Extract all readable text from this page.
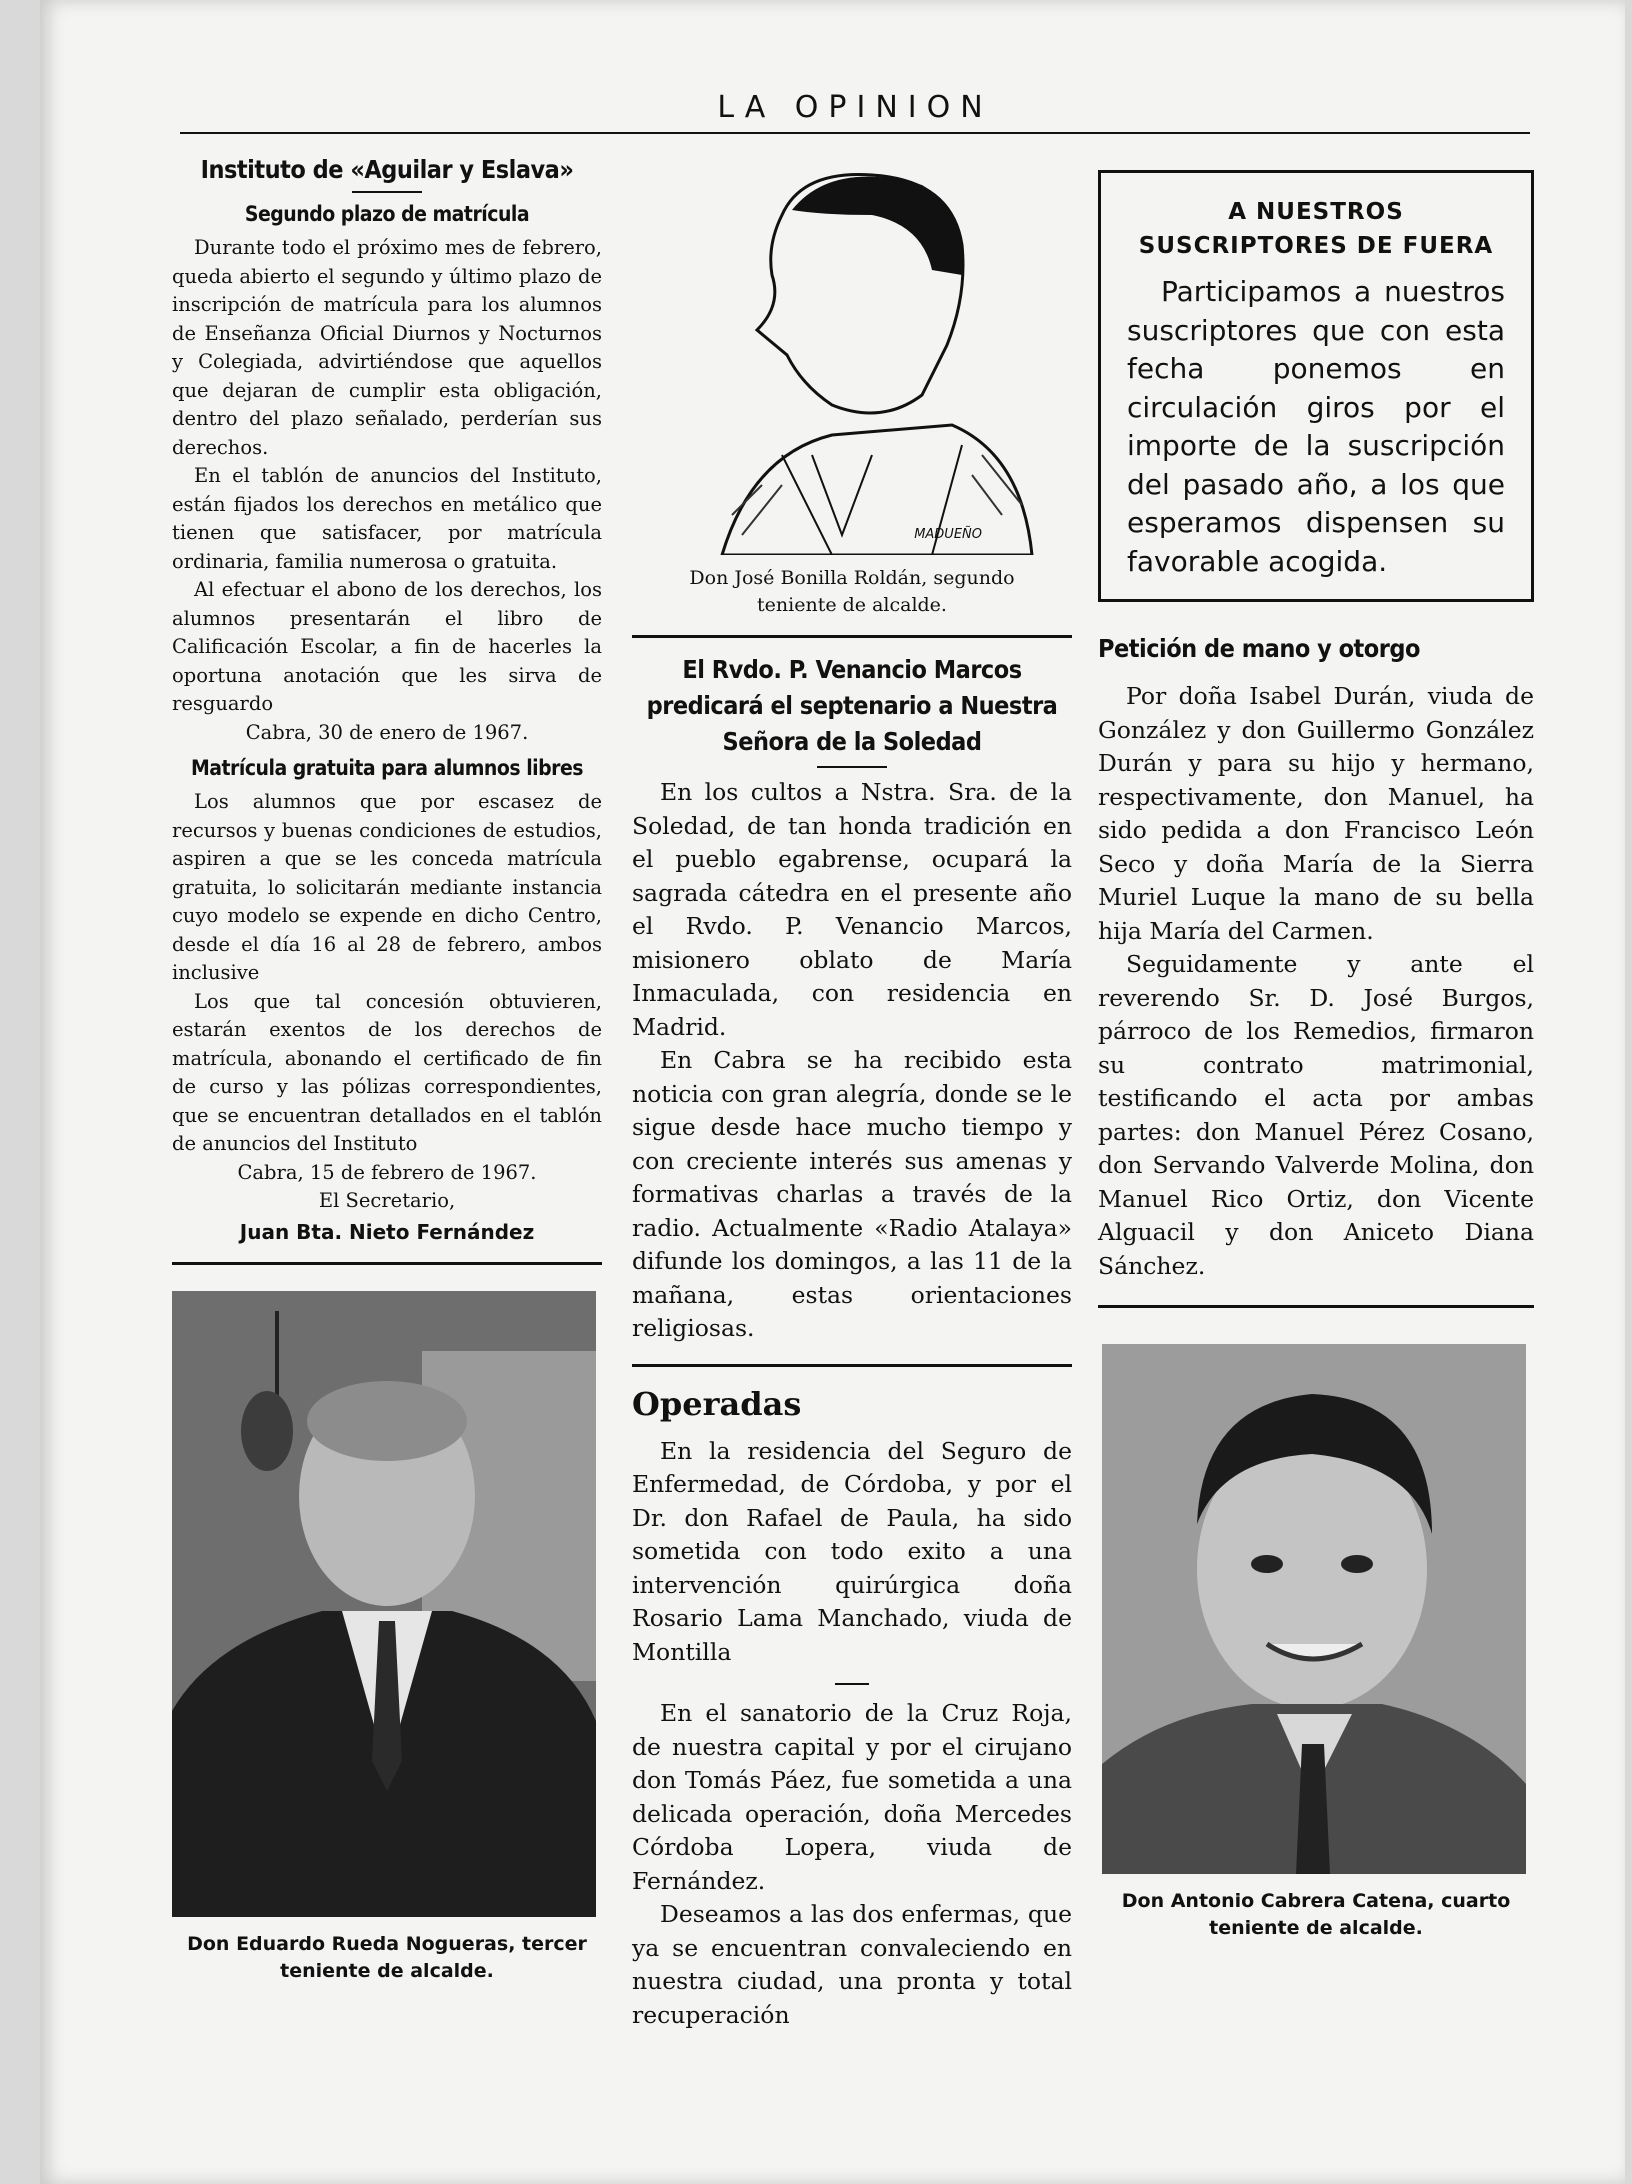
LA OPINION
Instituto de «Aguilar y Eslava»
Segundo plazo de matrícula

Durante todo el próximo mes de febrero, queda abierto el segundo y último plazo de inscripción de matrícula para los alumnos de Enseñanza Oficial Diurnos y Nocturnos y Colegiada, advirtiéndose que aquellos que dejaran de cumplir esta obligación, dentro del plazo señalado, perderían sus derechos.

En el tablón de anuncios del Instituto, están fijados los derechos en metálico que tienen que satisfacer, por matrícula ordinaria, familia numerosa o gratuita.

Al efectuar el abono de los derechos, los alumnos presentarán el libro de Calificación Escolar, a fin de hacerles la oportuna anotación que les sirva de resguardo

Cabra, 30 de enero de 1967.

Matrícula gratuita para alumnos libres

Los alumnos que por escasez de recursos y buenas condiciones de estudios, aspiren a que se les conceda matrícula gratuita, lo solicitarán mediante instancia cuyo modelo se expende en dicho Centro, desde el día 16 al 28 de febrero, ambos inclusive

Los que tal concesión obtuvieren, estarán exentos de los derechos de matrícula, abonando el certificado de fin de curso y las pólizas correspondientes, que se encuentran detallados en el tablón de anuncios del Instituto

Cabra, 15 de febrero de 1967.

El Secretario,

Juan Bta. Nieto Fernández
Don Eduardo Rueda Nogueras, tercer teniente de alcalde.
MADUEÑO
Don José Bonilla Roldán, segundo teniente de alcalde.
El Rvdo. P. Venancio Marcos predicará el septenario a Nuestra Señora de la Soledad

En los cultos a Nstra. Sra. de la Soledad, de tan honda tradición en el pueblo egabrense, ocupará la sagrada cátedra en el presente año el Rvdo. P. Venancio Marcos, misionero oblato de María Inmaculada, con residencia en Madrid.

En Cabra se ha recibido esta noticia con gran alegría, donde se le sigue desde hace mucho tiempo y con creciente interés sus amenas y formativas charlas a través de la radio. Actualmente «Radio Atalaya» difunde los domingos, a las 11 de la mañana, estas orientaciones religiosas.

Operadas

En la residencia del Seguro de Enfermedad, de Córdoba, y por el Dr. don Rafael de Paula, ha sido sometida con todo exito a una intervención quirúrgica doña Rosario Lama Manchado, viuda de Montilla

En el sanatorio de la Cruz Roja, de nuestra capital y por el cirujano don Tomás Páez, fue sometida a una delicada operación, doña Mercedes Córdoba Lopera, viuda de Fernández.

Deseamos a las dos enfermas, que ya se encuentran convaleciendo en nuestra ciudad, una pronta y total recuperación

A NUESTROS SUSCRIPTORES DE FUERA

Participamos a nuestros suscriptores que con esta fecha ponemos en circulación giros por el importe de la suscripción del pasado año, a los que esperamos dispensen su favorable acogida.

Petición de mano y otorgo

Por doña Isabel Durán, viuda de González y don Guillermo González Durán y para su hijo y hermano, respectivamente, don Manuel, ha sido pedida a don Francisco León Seco y doña María de la Sierra Muriel Luque la mano de su bella hija María del Carmen.

Seguidamente y ante el reverendo Sr. D. José Burgos, párroco de los Remedios, firmaron su contrato matrimonial, testificando el acta por ambas partes: don Manuel Pérez Cosano, don Servando Valverde Molina, don Manuel Rico Ortiz, don Vicente Alguacil y don Aniceto Diana Sánchez.

Don Antonio Cabrera Catena, cuarto teniente de alcalde.
